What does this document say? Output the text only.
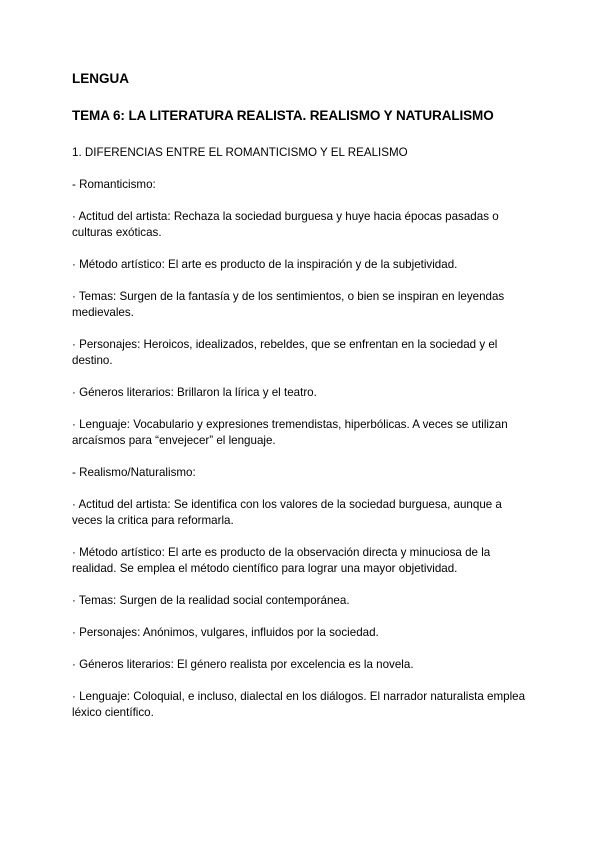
LENGUA

TEMA 6: LA LITERATURA REALISTA. REALISMO Y NATURALISMO

1. DIFERENCIAS ENTRE EL ROMANTICISMO Y EL REALISMO

- Romanticismo:

· Actitud del artista: Rechaza la sociedad burguesa y huye hacia épocas pasadas o culturas exóticas.

· Método artístico: El arte es producto de la inspiración y de la subjetividad.

· Temas: Surgen de la fantasía y de los sentimientos, o bien se inspiran en leyendas medievales.

· Personajes: Heroicos, idealizados, rebeldes, que se enfrentan en la sociedad y el destino.

· Géneros literarios: Brillaron la lírica y el teatro.

· Lenguaje: Vocabulario y expresiones tremendistas, hiperbólicas. A veces se utilizan arcaísmos para “envejecer” el lenguaje.

- Realismo/Naturalismo:

· Actitud del artista: Se identifica con los valores de la sociedad burguesa, aunque a veces la critica para reformarla.

· Método artístico: El arte es producto de la observación directa y minuciosa de la realidad. Se emplea el método científico para lograr una mayor objetividad.

· Temas: Surgen de la realidad social contemporánea.

· Personajes: Anónimos, vulgares, influidos por la sociedad.

· Géneros literarios: El género realista por excelencia es la novela.

· Lenguaje: Coloquial, e incluso, dialectal en los diálogos. El narrador naturalista emplea léxico científico.
